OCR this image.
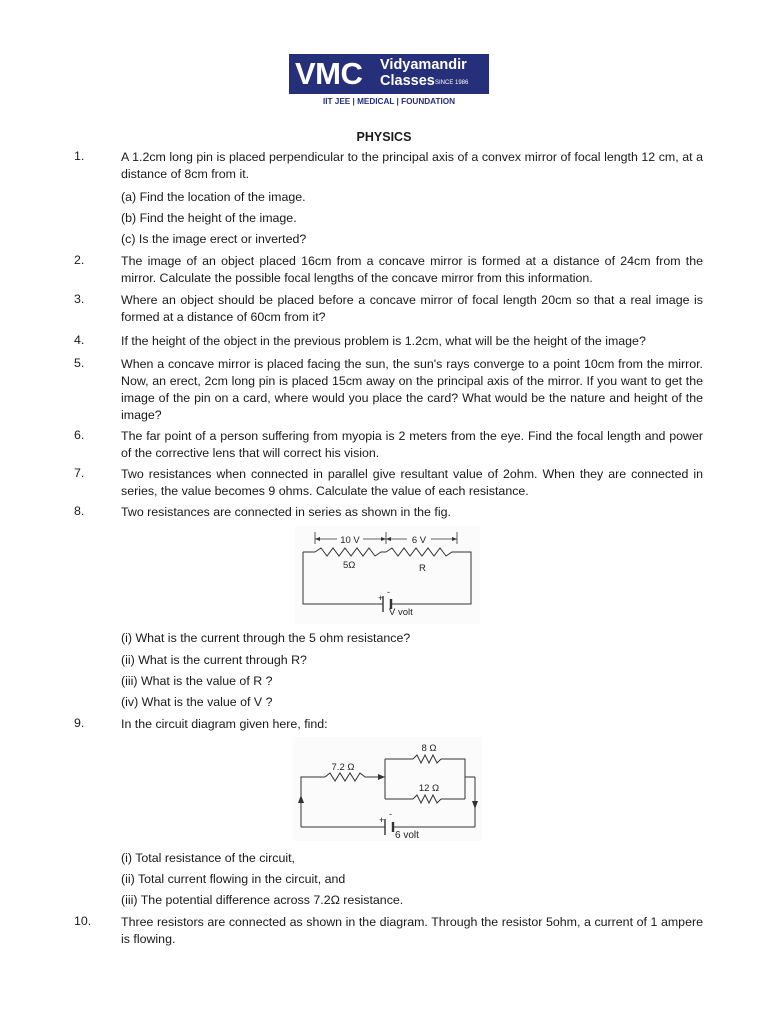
VMC Vidyamandir
Classes SINCE 1986
IIT JEE | MEDICAL | FOUNDATION
PHYSICS
1.	A 1.2cm long pin is placed perpendicular to the principal axis of a convex mirror of focal length 12 cm, at a distance of 8cm from it.
(a) Find the location of the image.
(b) Find the height of the image.
(c) Is the image erect or inverted?
2.	The image of an object placed 16cm from a concave mirror is formed at a distance of 24cm from the mirror. Calculate the possible focal lengths of the concave mirror from this information.
3.	Where an object should be placed before a concave mirror of focal length 20cm so that a real image is formed at a distance of 60cm from it?
4.	If the height of the object in the previous problem is 1.2cm, what will be the height of the image?
5.	When a concave mirror is placed facing the sun, the sun's rays converge to a point 10cm from the mirror. Now, an erect, 2cm long pin is placed 15cm away on the principal axis of the mirror. If you want to get the image of the pin on a card, where would you place the card? What would be the nature and height of the image?
6.	The far point of a person suffering from myopia is 2 meters from the eye. Find the focal length and power of the corrective lens that will correct his vision.
7.	Two resistances when connected in parallel give resultant value of 2ohm. When they are connected in series, the value becomes 9 ohms. Calculate the value of each resistance.
8.	Two resistances are connected in series as shown in the fig.
10 V	6 V
5Ω	R
+
-
V volt
(i) What is the current through the 5 ohm resistance?
(ii) What is the current through R?
(iii) What is the value of R ?
(iv) What is the value of V ?
9.	In the circuit diagram given here, find:
8 Ω
7.2 Ω
12 Ω
+
-
6 volt
(i) Total resistance of the circuit,
(ii) Total current flowing in the circuit, and
(iii) The potential difference across 7.2Ω resistance.
10.	Three resistors are connected as shown in the diagram. Through the resistor 5ohm, a current of 1 ampere is flowing.
